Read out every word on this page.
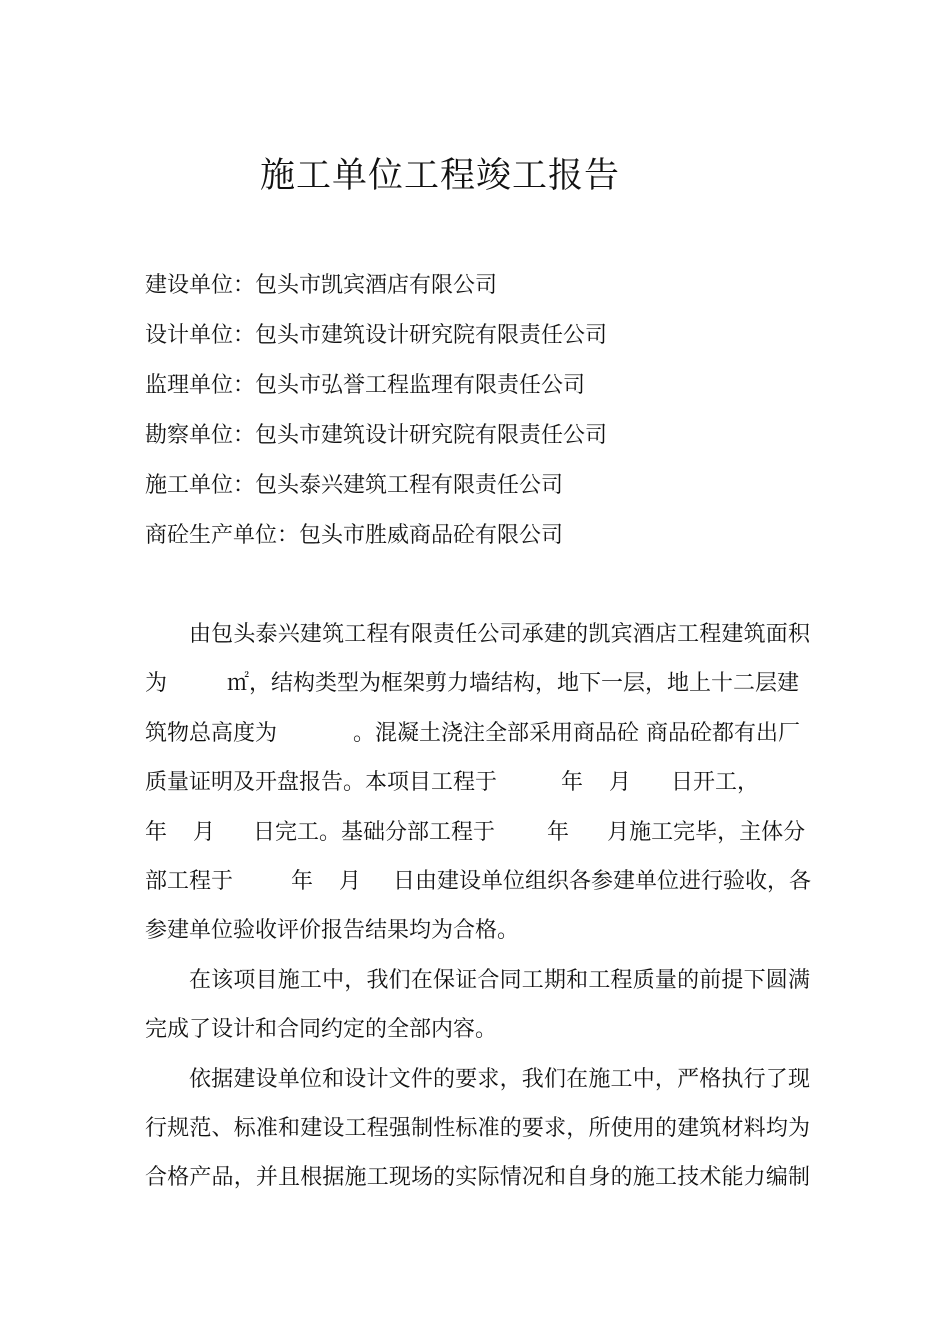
施工单位工程竣工报告
建设单位：包头市凯宾酒店有限公司
设计单位：包头市建筑设计研究院有限责任公司
监理单位：包头市弘誉工程监理有限责任公司
勘察单位：包头市建筑设计研究院有限责任公司
施工单位：包头泰兴建筑工程有限责任公司
商砼生产单位：包头市胜威商品砼有限公司
由包头泰兴建筑工程有限责任公司承建的凯宾酒店工程建筑面积
为	㎡，结构类型为框架剪力墙结构，地下一层，地上十二层建
筑物总高度为	。混凝土浇注全部采用商品砼 商品砼都有出厂
质量证明及开盘报告。本项目工程于	年 月 日开工，
年 月 日完工。基础分部工程于 年 月施工完毕，主体分
部工程于	年 月 日由建设单位组织各参建单位进行验收，各
参建单位验收评价报告结果均为合格。
在该项目施工中，我们在保证合同工期和工程质量的前提下圆满
完成了设计和合同约定的全部内容。
依据建设单位和设计文件的要求，我们在施工中，严格执行了现
行规范、标准和建设工程强制性标准的要求，所使用的建筑材料均为
合格产品，并且根据施工现场的实际情况和自身的施工技术能力编制
